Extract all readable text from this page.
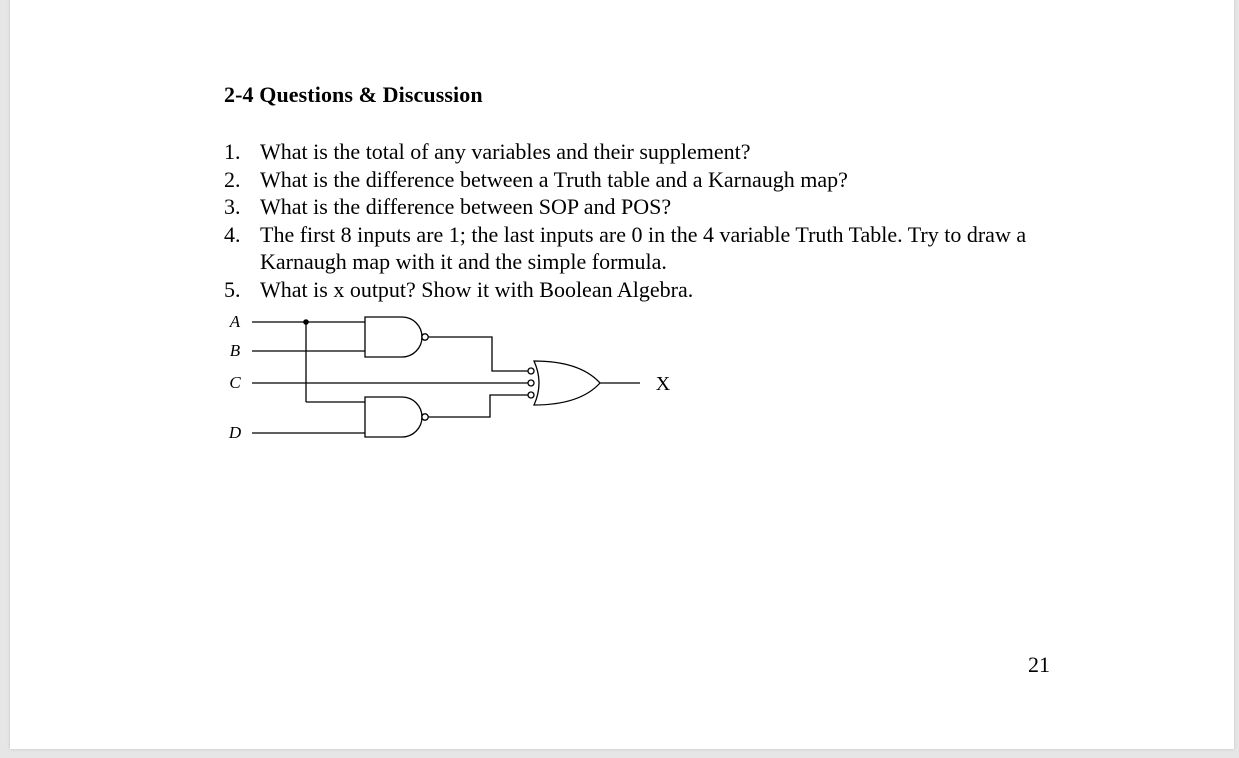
2-4 Questions & Discussion
1. What is the total of any variables and their supplement?
2. What is the difference between a Truth table and a Karnaugh map?
3. What is the difference between SOP and POS?
4. The first 8 inputs are 1; the last inputs are 0 in the 4 variable Truth Table. Try to draw a Karnaugh map with it and the simple formula.
5. What is x output? Show it with Boolean Algebra.
A
B
C
D
X
21
